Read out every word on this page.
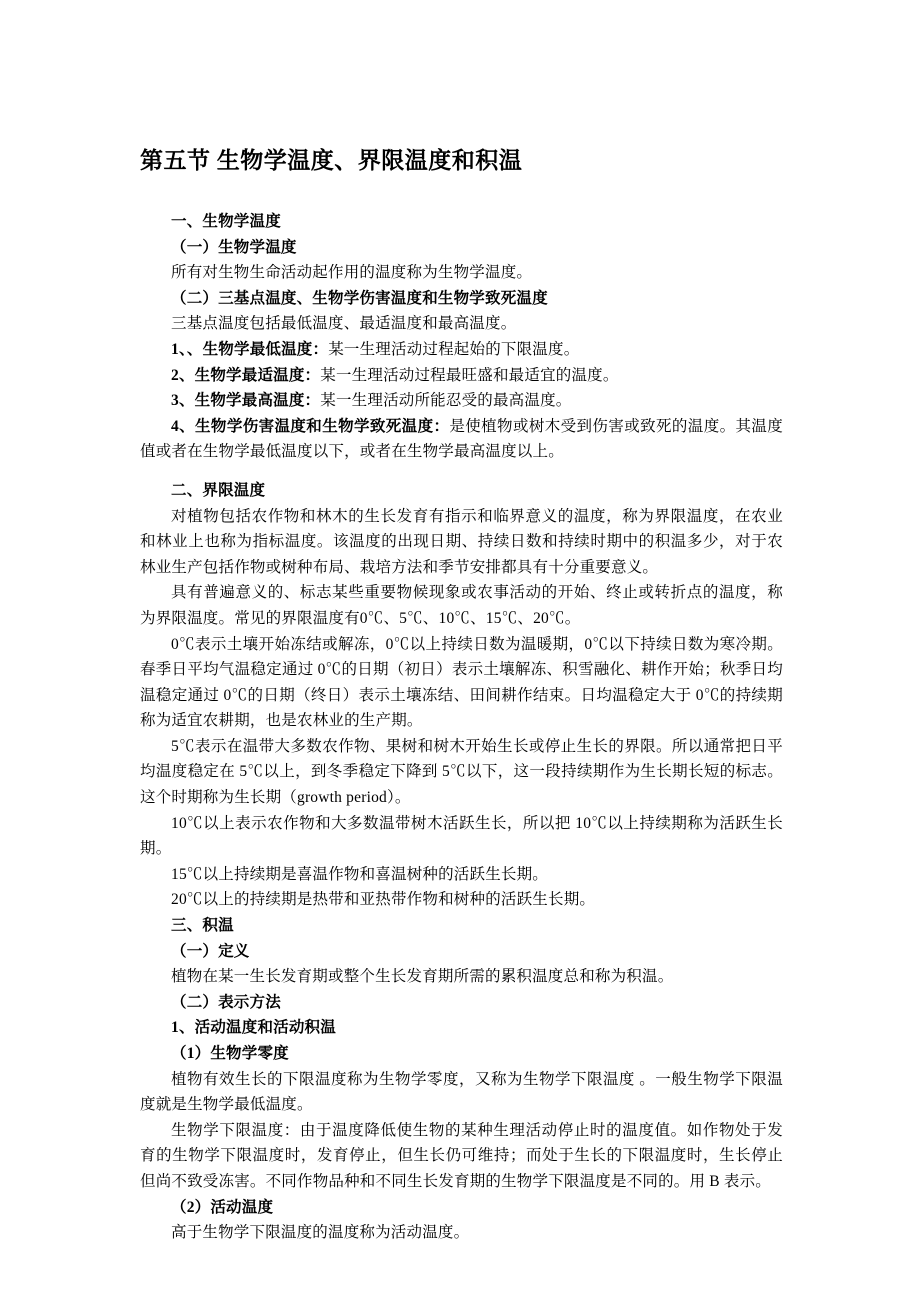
第五节 生物学温度、界限温度和积温

一、生物学温度

（一）生物学温度

所有对生物生命活动起作用的温度称为生物学温度。

（二）三基点温度、生物学伤害温度和生物学致死温度

三基点温度包括最低温度、最适温度和最高温度。

1、、生物学最低温度：某一生理活动过程起始的下限温度。

2、生物学最适温度：某一生理活动过程最旺盛和最适宜的温度。

3、生物学最高温度：某一生理活动所能忍受的最高温度。

4、生物学伤害温度和生物学致死温度：是使植物或树木受到伤害或致死的温度。其温度值或者在生物学最低温度以下，或者在生物学最高温度以上。

二、界限温度

对植物包括农作物和林木的生长发育有指示和临界意义的温度，称为界限温度，在农业和林业上也称为指标温度。该温度的出现日期、持续日数和持续时期中的积温多少，对于农林业生产包括作物或树种布局、栽培方法和季节安排都具有十分重要意义。

具有普遍意义的、标志某些重要物候现象或农事活动的开始、终止或转折点的温度，称为界限温度。常见的界限温度有0℃、5℃、10℃、15℃、20℃。

0℃表示土壤开始冻结或解冻，0℃以上持续日数为温暖期，0℃以下持续日数为寒冷期。春季日平均气温稳定通过 0℃的日期（初日）表示土壤解冻、积雪融化、耕作开始；秋季日均温稳定通过 0℃的日期（终日）表示土壤冻结、田间耕作结束。日均温稳定大于 0℃的持续期称为适宜农耕期，也是农林业的生产期。

5℃表示在温带大多数农作物、果树和树木开始生长或停止生长的界限。所以通常把日平均温度稳定在 5℃以上，到冬季稳定下降到 5℃以下，这一段持续期作为生长期长短的标志。这个时期称为生长期（growth period）。

10℃以上表示农作物和大多数温带树木活跃生长，所以把 10℃以上持续期称为活跃生长期。

15℃以上持续期是喜温作物和喜温树种的活跃生长期。

20℃以上的持续期是热带和亚热带作物和树种的活跃生长期。

三、积温

（一）定义

植物在某一生长发育期或整个生长发育期所需的累积温度总和称为积温。

（二）表示方法

1、活动温度和活动积温

（1）生物学零度

植物有效生长的下限温度称为生物学零度，又称为生物学下限温度 。一般生物学下限温度就是生物学最低温度。

生物学下限温度：由于温度降低使生物的某种生理活动停止时的温度值。如作物处于发育的生物学下限温度时，发育停止，但生长仍可维持；而处于生长的下限温度时，生长停止但尚不致受冻害。不同作物品种和不同生长发育期的生物学下限温度是不同的。用 B 表示。

（2）活动温度

高于生物学下限温度的温度称为活动温度。
